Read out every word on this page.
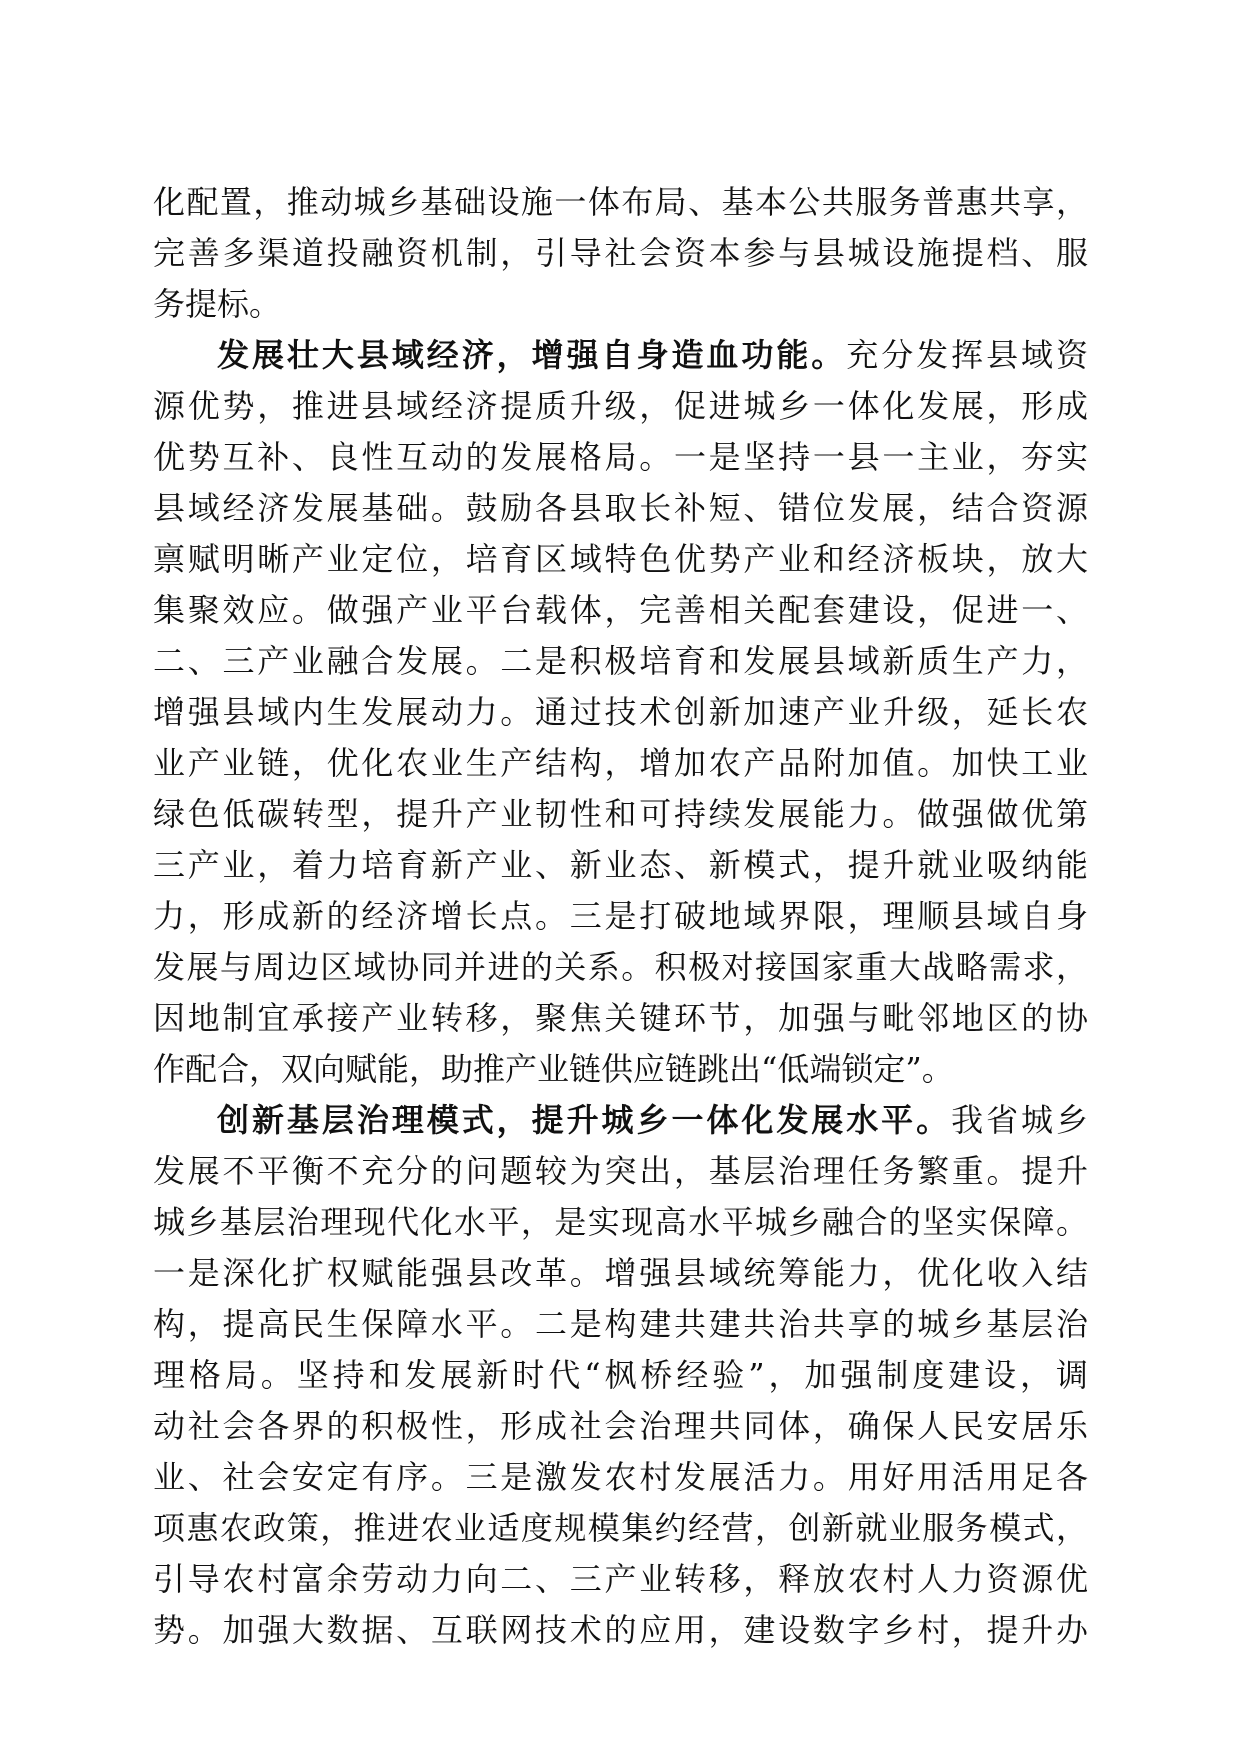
化配置，推动城乡基础设施一体布局、基本公共服务普惠共享，
完善多渠道投融资机制，引导社会资本参与县城设施提档、服
务提标。
发展壮大县域经济，增强自身造血功能。充分发挥县域资
源优势，推进县域经济提质升级，促进城乡一体化发展，形成
优势互补、良性互动的发展格局。一是坚持一县一主业，夯实
县域经济发展基础。鼓励各县取长补短、错位发展，结合资源
禀赋明晰产业定位，培育区域特色优势产业和经济板块，放大
集聚效应。做强产业平台载体，完善相关配套建设，促进一、
二、三产业融合发展。二是积极培育和发展县域新质生产力，
增强县域内生发展动力。通过技术创新加速产业升级，延长农
业产业链，优化农业生产结构，增加农产品附加值。加快工业
绿色低碳转型，提升产业韧性和可持续发展能力。做强做优第
三产业，着力培育新产业、新业态、新模式，提升就业吸纳能
力，形成新的经济增长点。三是打破地域界限，理顺县域自身
发展与周边区域协同并进的关系。积极对接国家重大战略需求，
因地制宜承接产业转移，聚焦关键环节，加强与毗邻地区的协
作配合，双向赋能，助推产业链供应链跳出“低端锁定”。
创新基层治理模式，提升城乡一体化发展水平。我省城乡
发展不平衡不充分的问题较为突出，基层治理任务繁重。提升
城乡基层治理现代化水平，是实现高水平城乡融合的坚实保障。
一是深化扩权赋能强县改革。增强县域统筹能力，优化收入结
构，提高民生保障水平。二是构建共建共治共享的城乡基层治
理格局。坚持和发展新时代“枫桥经验”，加强制度建设，调
动社会各界的积极性，形成社会治理共同体，确保人民安居乐
业、社会安定有序。三是激发农村发展活力。用好用活用足各
项惠农政策，推进农业适度规模集约经营，创新就业服务模式，
引导农村富余劳动力向二、三产业转移，释放农村人力资源优
势。加强大数据、互联网技术的应用，建设数字乡村，提升办
